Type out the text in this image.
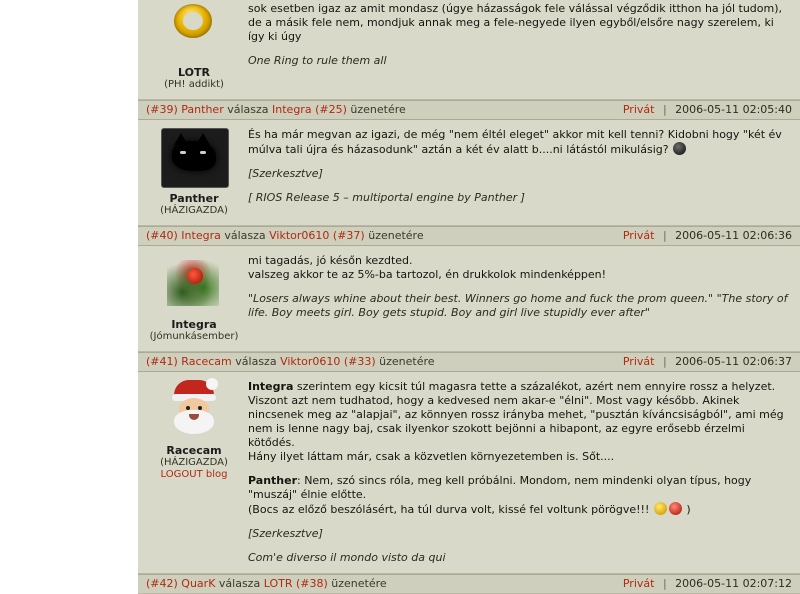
LOTR
(PH! addikt)

sok esetben igaz az amit mondasz (úgye házasságok fele válással végződik itthon ha jól tudom), de a másik fele nem, mondjuk annak meg a fele-negyede ilyen egyből/elsőre nagy szerelem, ki így ki úgy

One Ring to rule them all

(#39) Panther válasza Integra (#25) üzenetére	Privát | 2006-05-11 02:05:40
Panther
(HÁZIGAZDA)

És ha már megvan az igazi, de még "nem éltél eleget" akkor mit kell tenni? Kidobni hogy "két év múlva tali újra és házasodunk" aztán a két év alatt b....ni látástól mikulásig?

[Szerkesztve]

[ RIOS Release 5 – multiportal engine by Panther ]

(#40) Integra válasza Viktor0610 (#37) üzenetére	Privát | 2006-05-11 02:06:36
Integra
(Jómunkásember)

mi tagadás, jó későn kezdted.

valszeg akkor te az 5%-ba tartozol, én drukkolok mindenképpen!

"Losers always whine about their best. Winners go home and fuck the prom queen." "The story of life. Boy meets girl. Boy gets stupid. Boy and girl live stupidly ever after"

(#41) Racecam válasza Viktor0610 (#33) üzenetére	Privát | 2006-05-11 02:06:37
Racecam
(HÁZIGAZDA)
LOGOUT blog

Integra szerintem egy kicsit túl magasra tette a százalékot, azért nem ennyire rossz a helyzet.

Viszont azt nem tudhatod, hogy a kedvesed nem akar-e "élni". Most vagy később. Akinek nincsenek meg az "alapjai", az könnyen rossz irányba mehet, "pusztán kíváncsiságból", ami még nem is lenne nagy baj, csak ilyenkor szokott bejönni a hibapont, az egyre erősebb érzelmi kötődés.

Hány ilyet láttam már, csak a közvetlen környezetemben is. Sőt....

Panther: Nem, szó sincs róla, meg kell próbálni. Mondom, nem mindenki olyan típus, hogy "muszáj" élnie előtte.

(Bocs az előző beszólásért, ha túl durva volt, kissé fel voltunk pörögve!!!	)

[Szerkesztve]

Com'e diverso il mondo visto da qui

(#42) QuarK válasza LOTR (#38) üzenetére	Privát | 2006-05-11 02:07:12
